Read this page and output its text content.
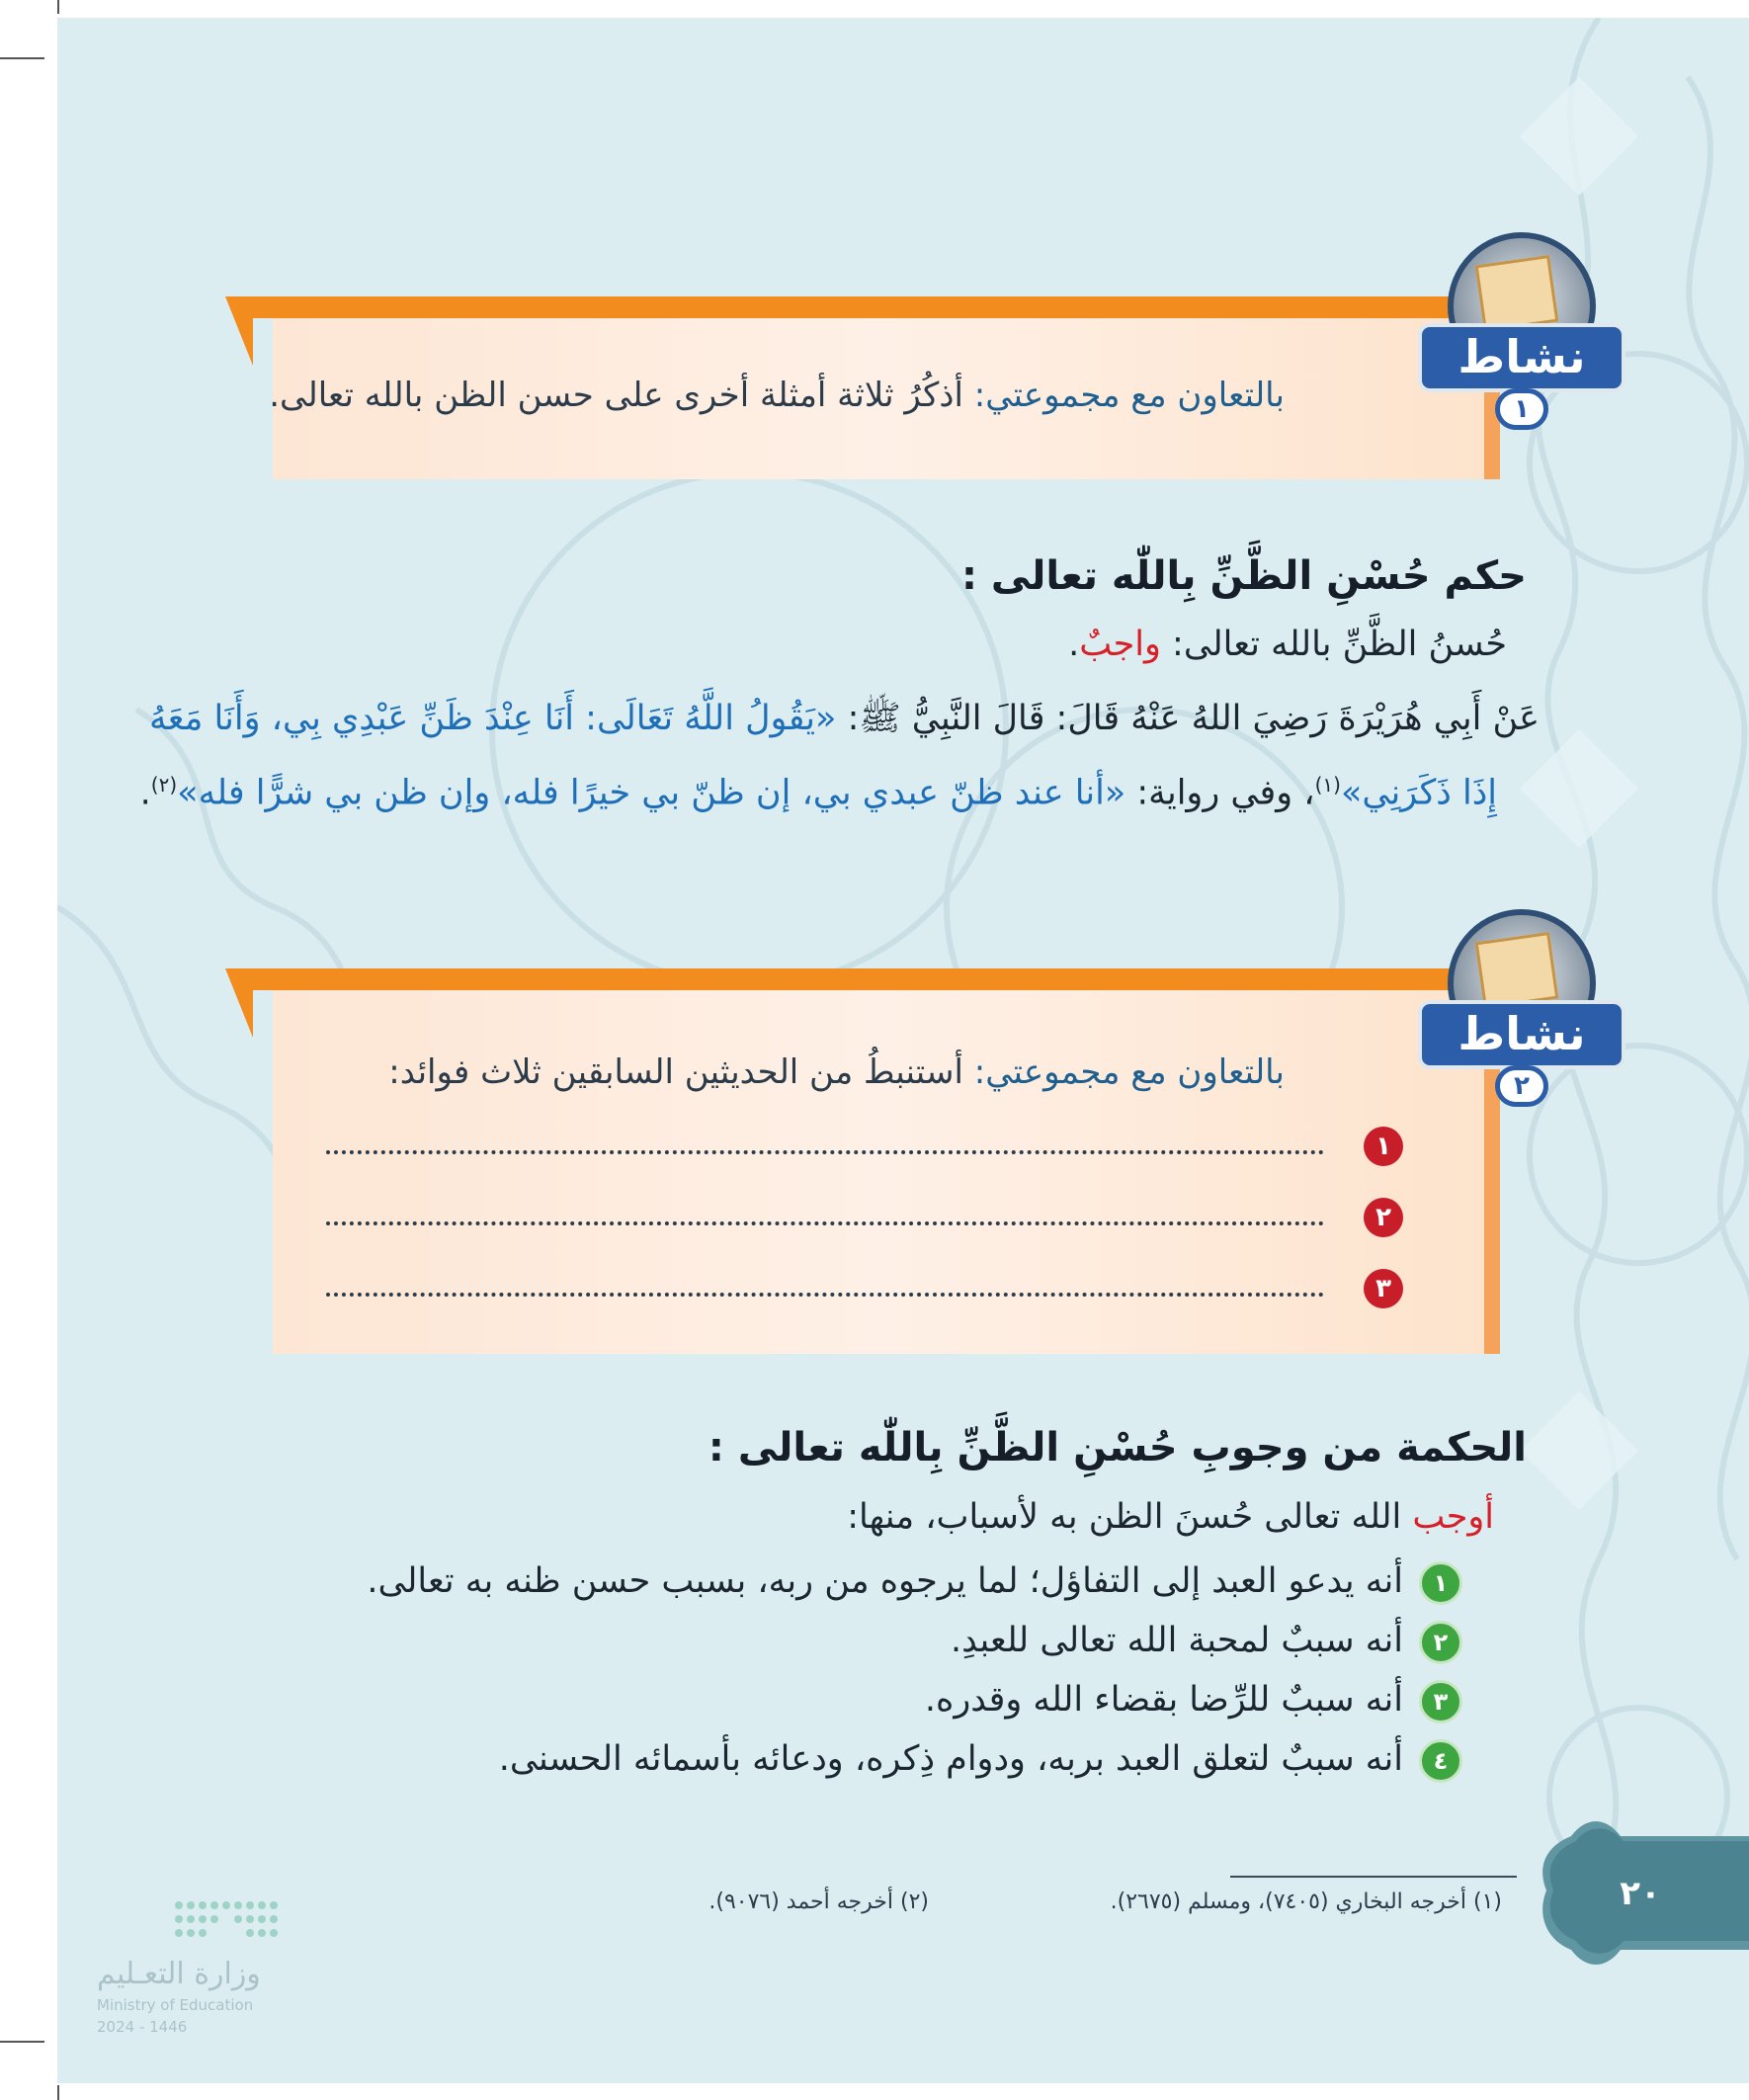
بالتعاون مع مجموعتي: أذكُرُ ثلاثة أمثلة أخرى على حسن الظن بالله تعالى.
نشاط
١
حكم حُسْنِ الظَّنِّ بِاللّٰه تعالى :
حُسنُ الظَّنِّ بالله تعالى: واجبٌ.
عَنْ أَبِي هُرَيْرَةَ رَضِيَ اللهُ عَنْهُ قَالَ: قَالَ النَّبِيُّ ﷺ: «يَقُولُ اللَّهُ تَعَالَى: أَنَا عِنْدَ ظَنِّ عَبْدِي بِي، وَأَنَا مَعَهُ
إِذَا ذَكَرَنِي»$^{(١)}$، وفي رواية: «أنا عند ظنّ عبدي بي، إن ظنّ بي خيرًا فله، وإن ظن بي شرًّا فله»$^{(٢)}$.
بالتعاون مع مجموعتي: أستنبطُ من الحديثين السابقين ثلاث فوائد:
نشاط
٢
١
٢
٣
الحكمة من وجوبِ حُسْنِ الظَّنِّ بِاللّٰه تعالى :
أوجب الله تعالى حُسنَ الظن به لأسباب، منها:
١
أنه يدعو العبد إلى التفاؤل؛ لما يرجوه من ربه، بسبب حسن ظنه به تعالى.
٢
أنه سببٌ لمحبة الله تعالى للعبدِ.
٣
أنه سببٌ للرِّضا بقضاء الله وقدره.
٤
أنه سببٌ لتعلق العبد بربه، ودوام ذِكره، ودعائه بأسمائه الحسنى.
(١) أخرجه البخاري (٧٤٠٥)، ومسلم (٢٦٧٥).
(٢) أخرجه أحمد (٩٠٧٦).	٢٠
وزارة التعـليم
Ministry of Education
2024 - 1446
